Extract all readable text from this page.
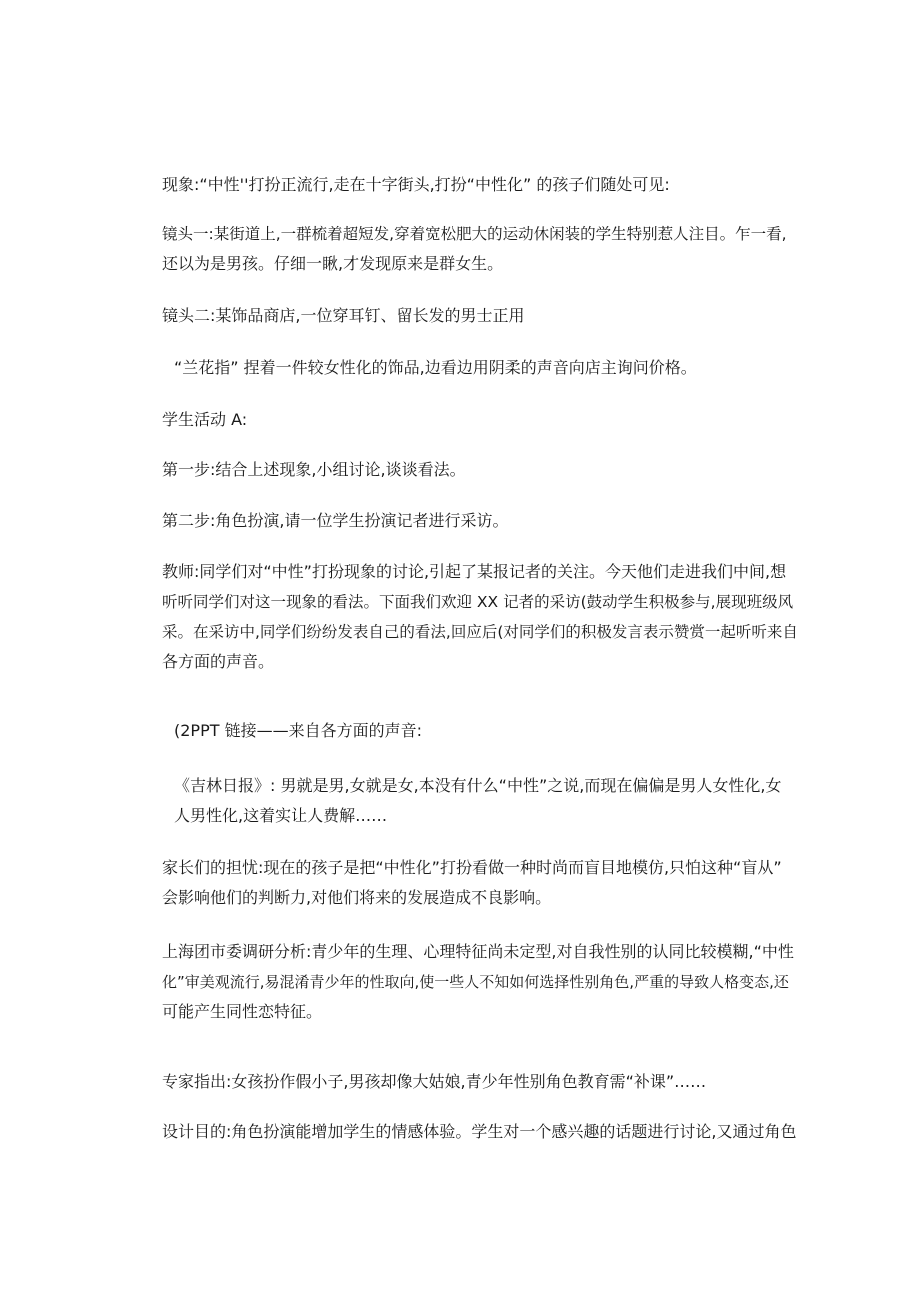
现象:“中性''打扮正流行,走在十字街头,打扮“中性化” 的孩子们随处可见:
镜头一:某街道上,一群梳着超短发,穿着宽松肥大的运动休闲装的学生特别惹人注目。乍一看,
还以为是男孩。仔细一瞅,才发现原来是群女生。
镜头二:某饰品商店,一位穿耳钉、留长发的男士正用
“兰花指” 捏着一件较女性化的饰品,边看边用阴柔的声音向店主询问价格。
学生活动 A:
第一步:结合上述现象,小组讨论,谈谈看法。
第二步:角色扮演,请一位学生扮演记者进行采访。
教师:同学们对“中性”打扮现象的讨论,引起了某报记者的关注。今天他们走进我们中间,想
听听同学们对这一现象的看法。下面我们欢迎 XX 记者的采访(鼓动学生积极参与,展现班级风
采。在采访中,同学们纷纷发表自己的看法,回应后(对同学们的积极发言表示赞赏一起听听来自
各方面的声音。
(2PPT 链接——来自各方面的声音:
《吉林日报》: 男就是男,女就是女,本没有什么“中性”之说,而现在偏偏是男人女性化,女
人男性化,这着实让人费解……
家长们的担忧:现在的孩子是把“中性化”打扮看做一种时尚而盲目地模仿,只怕这种“盲从”
会影响他们的判断力,对他们将来的发展造成不良影响。
上海团市委调研分析:青少年的生理、心理特征尚未定型,对自我性别的认同比较模糊,“中性
化”审美观流行,易混淆青少年的性取向,使一些人不知如何选择性别角色,严重的导致人格变态,还
可能产生同性恋特征。
专家指出:女孩扮作假小子,男孩却像大姑娘,青少年性别角色教育需“补课”……
设计目的:角色扮演能增加学生的情感体验。学生对一个感兴趣的话题进行讨论,又通过角色
